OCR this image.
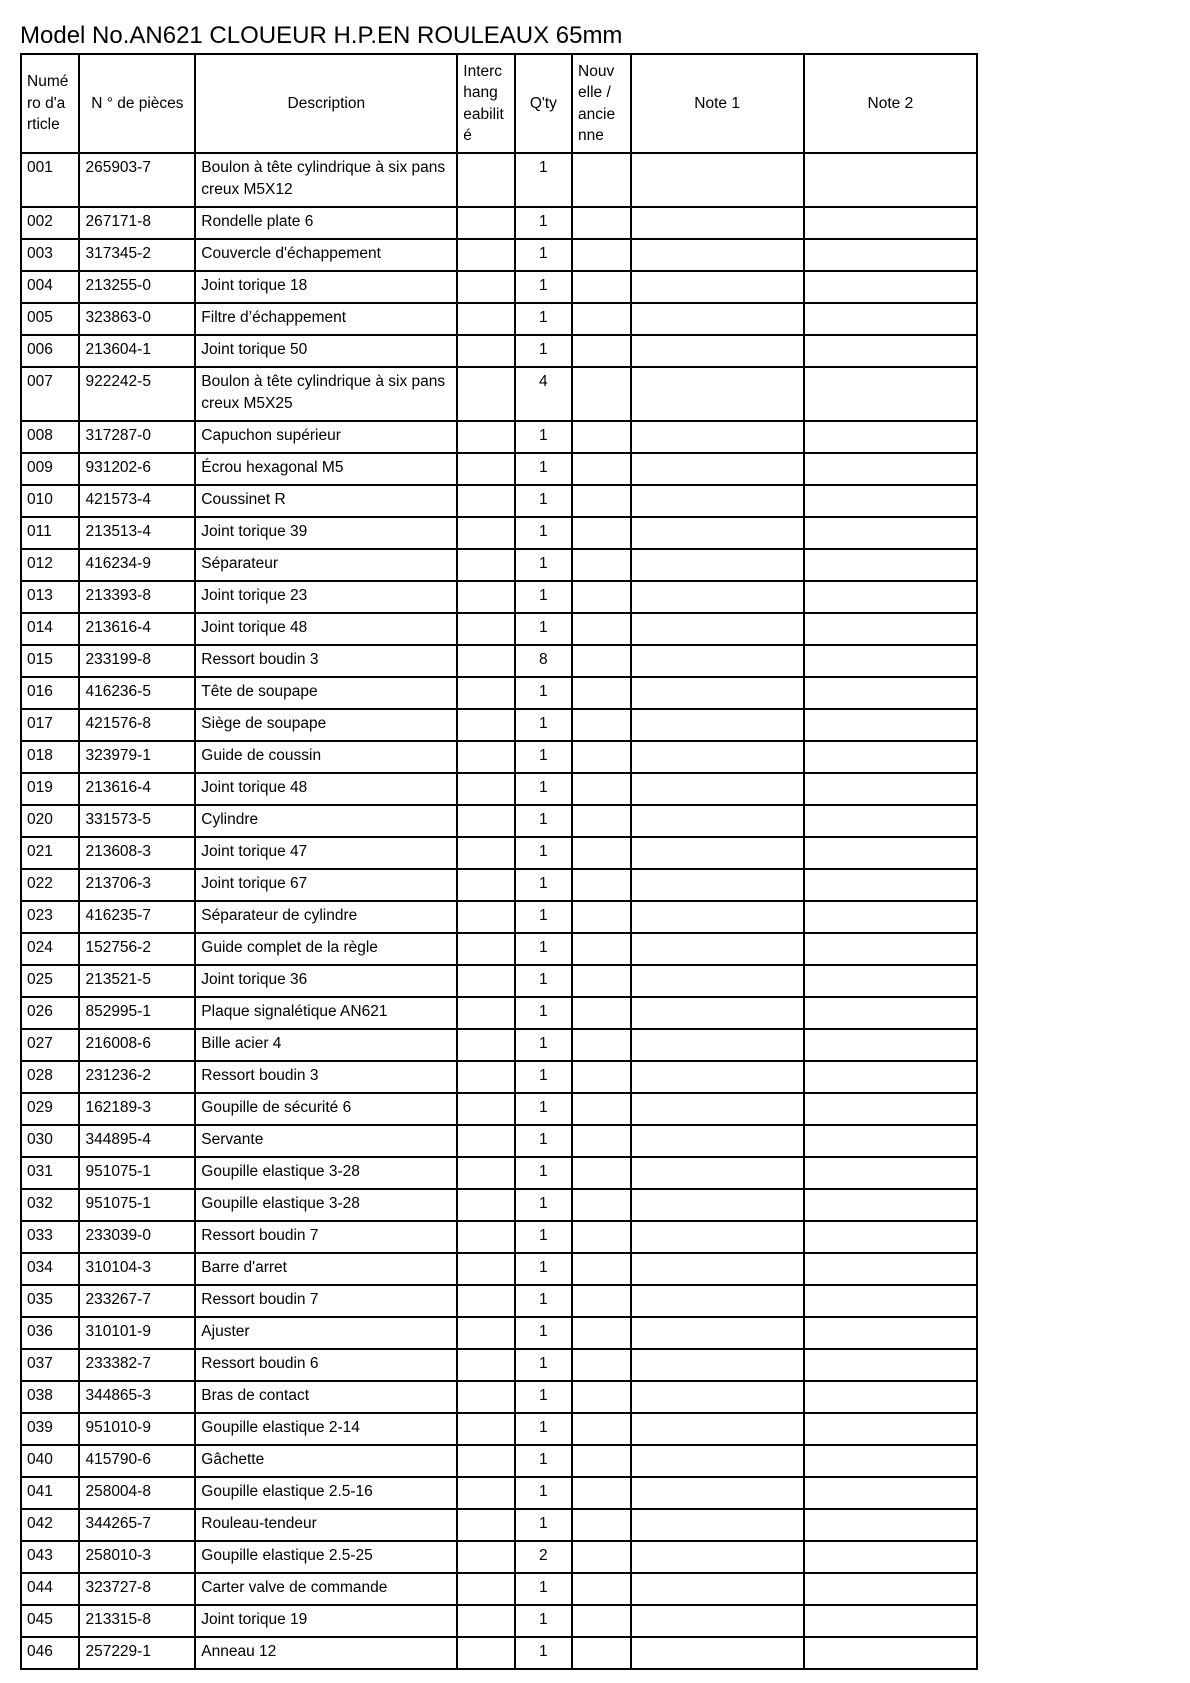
Model No.AN621 CLOUEUR H.P.EN ROULEAUX 65mm
Numé ro d'a rticle	N ° de pièces	Description	Interc hang eabilit é	Q'ty	Nouv elle / ancie nne	Note 1	Note 2
001	265903-7	Boulon à tête cylindrique à six pans creux M5X12		1			
002	267171-8	Rondelle plate 6		1			
003	317345-2	Couvercle d'échappement		1			
004	213255-0	Joint torique 18		1			
005	323863-0	Filtre d’échappement		1			
006	213604-1	Joint torique 50		1			
007	922242-5	Boulon à tête cylindrique à six pans creux M5X25		4			
008	317287-0	Capuchon supérieur		1			
009	931202-6	Écrou hexagonal M5		1			
010	421573-4	Coussinet R		1			
011	213513-4	Joint torique 39		1			
012	416234-9	Séparateur		1			
013	213393-8	Joint torique 23		1			
014	213616-4	Joint torique 48		1			
015	233199-8	Ressort boudin 3		8			
016	416236-5	Tête de soupape		1			
017	421576-8	Siège de soupape		1			
018	323979-1	Guide de coussin		1			
019	213616-4	Joint torique 48		1			
020	331573-5	Cylindre		1			
021	213608-3	Joint torique 47		1			
022	213706-3	Joint torique 67		1			
023	416235-7	Séparateur de cylindre		1			
024	152756-2	Guide complet de la règle		1			
025	213521-5	Joint torique 36		1			
026	852995-1	Plaque signalétique AN621		1			
027	216008-6	Bille acier 4		1			
028	231236-2	Ressort boudin 3		1			
029	162189-3	Goupille de sécurité 6		1			
030	344895-4	Servante		1			
031	951075-1	Goupille elastique 3-28		1			
032	951075-1	Goupille elastique 3-28		1			
033	233039-0	Ressort boudin 7		1			
034	310104-3	Barre d'arret		1			
035	233267-7	Ressort boudin 7		1			
036	310101-9	Ajuster		1			
037	233382-7	Ressort boudin 6		1			
038	344865-3	Bras de contact		1			
039	951010-9	Goupille elastique 2-14		1			
040	415790-6	Gâchette		1			
041	258004-8	Goupille elastique 2.5-16		1			
042	344265-7	Rouleau-tendeur		1			
043	258010-3	Goupille elastique 2.5-25		2			
044	323727-8	Carter valve de commande		1			
045	213315-8	Joint torique 19		1			
046	257229-1	Anneau 12		1			
